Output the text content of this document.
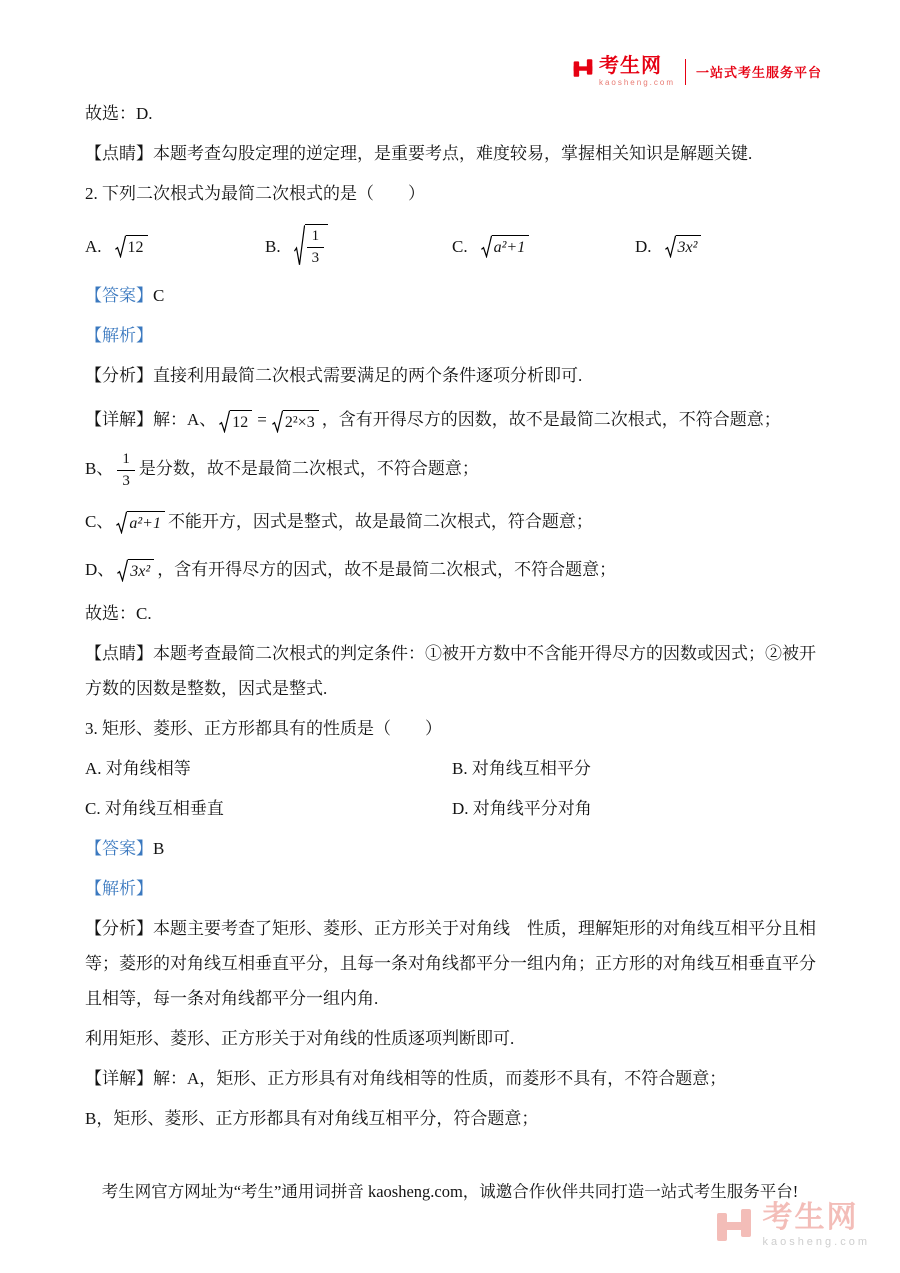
考生网
kaosheng.com
一站式考生服务平台

故选：D.

【点睛】本题考查勾股定理的逆定理，是重要考点，难度较易，掌握相关知识是解题关键.

2. 下列二次根式为最简二次根式的是（　　）

A. 12	B. $\frac{1}{3}$	C. a²+1	D. 3x²

【答案】C

【解析】

【分析】直接利用最简二次根式需要满足的两个条件逐项分析即可.

【详解】解：A、 12 = 2²×3 ，含有开得尽方的因数，故不是最简二次根式，不符合题意；

B、 $\frac{1}{3}$ 是分数，故不是最简二次根式，不符合题意；

C、 a²+1 不能开方，因式是整式，故是最简二次根式，符合题意；

D、 3x² ，含有开得尽方的因式，故不是最简二次根式，不符合题意；

故选：C.

【点睛】本题考查最简二次根式的判定条件：①被开方数中不含能开得尽方的因数或因式；②被开方数的因数是整数，因式是整式.

3. 矩形、菱形、正方形都具有的性质是（　　）

A. 对角线相等	B. 对角线互相平分
C. 对角线互相垂直	D. 对角线平分对角

【答案】B

【解析】

【分析】本题主要考查了矩形、菱形、正方形关于对角线　性质，理解矩形的对角线互相平分且相等；菱形的对角线互相垂直平分，且每一条对角线都平分一组内角；正方形的对角线互相垂直平分且相等，每一条对角线都平分一组内角.

利用矩形、菱形、正方形关于对角线的性质逐项判断即可.

【详解】解：A，矩形、正方形具有对角线相等的性质，而菱形不具有，不符合题意；

B，矩形、菱形、正方形都具有对角线互相平分，符合题意；

考生网官方网址为“考生”通用词拼音 kaosheng.com，诚邀合作伙伴共同打造一站式考生服务平台!
考生网
kaosheng.com
